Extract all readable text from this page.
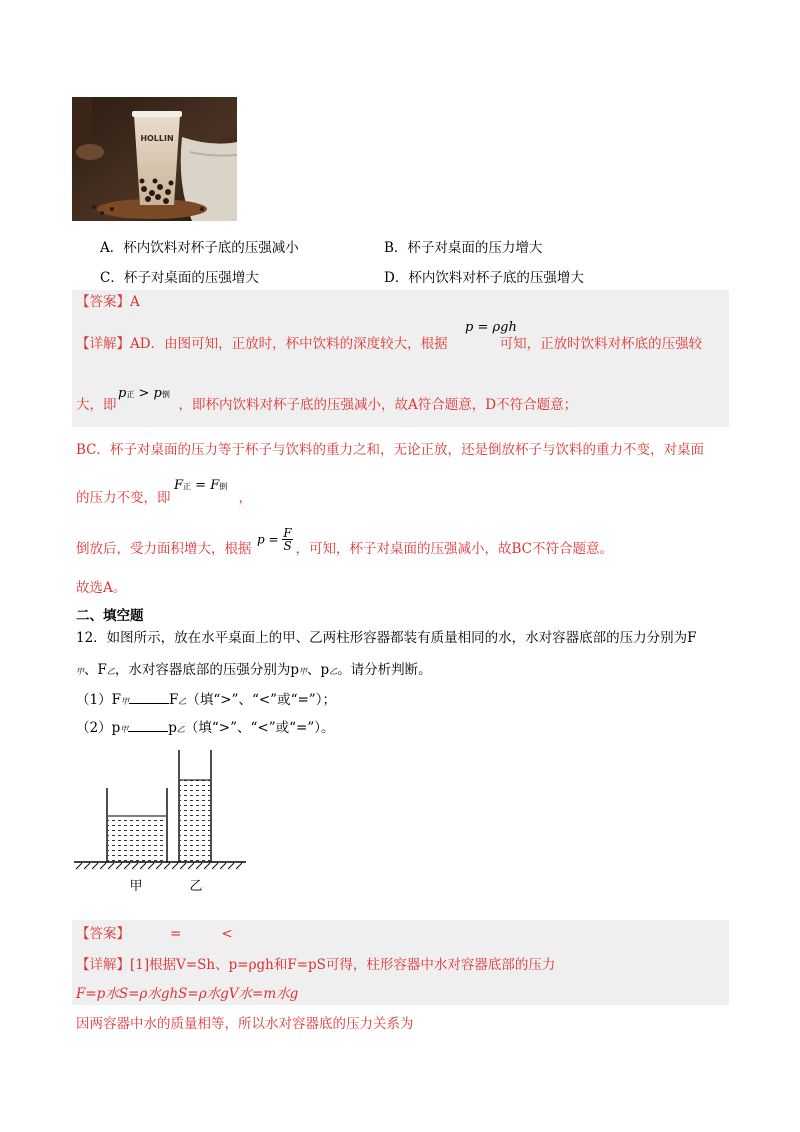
HOLLIN
A．杯内饮料对杯子底的压强减小	B．杯子对桌面的压力增大
C．杯子对桌面的压强增大	D．杯内饮料对杯子底的压强增大
【答案】A
【详解】AD．由图可知，正放时，杯中饮料的深度较大，根据	可知，正放时饮料对杯底的压强较
p = ρgh
大，即	，即杯内饮料对杯子底的压强减小，故A符合题意，D不符合题意；
p正 > p倒
BC．杯子对桌面的压力等于杯子与饮料的重力之和，无论正放，还是倒放杯子与饮料的重力不变，对桌面
的压力不变，即	，
F正 = F倒
倒放后，受力面积增大，根据	，可知，杯子对桌面的压强减小，故BC不符合题意。
$p = \frac{F}{S}$
故选A。
二、填空题
12．如图所示，放在水平桌面上的甲、乙两柱形容器都装有质量相同的水，水对容器底部的压力分别为F
甲、F乙，水对容器底部的压强分别为p甲、p乙。请分析判断。
（1）F甲	F乙（填“>”、“<”或“=”）；
（2）p甲	p乙（填“>”、“<”或“=”）。
甲	乙
【答案】	=	<
【详解】[1]根据V=Sh、p=ρgh和F=pS可得，柱形容器中水对容器底部的压力
F=p水S=ρ水ghS=ρ水gV水=m水g
因两容器中水的质量相等，所以水对容器底的压力关系为
